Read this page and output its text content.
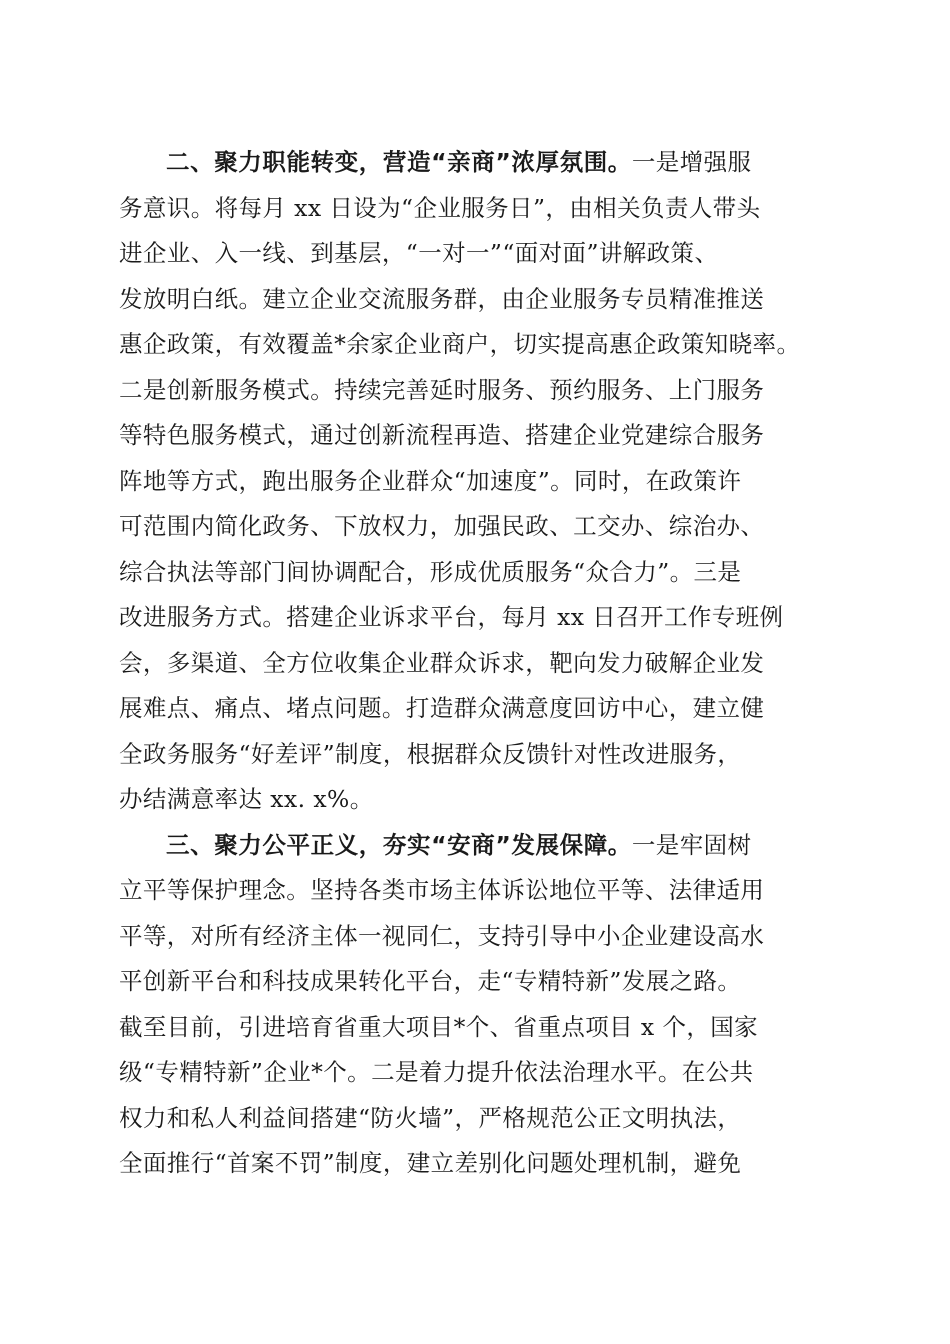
二、聚力职能转变，营造“亲商”浓厚氛围。一是增强服
务意识。将每月 xx 日设为“企业服务日”，由相关负责人带头
进企业、入一线、到基层，“一对一”“面对面”讲解政策、
发放明白纸。建立企业交流服务群，由企业服务专员精准推送
惠企政策，有效覆盖*余家企业商户，切实提高惠企政策知晓率。
二是创新服务模式。持续完善延时服务、预约服务、上门服务
等特色服务模式，通过创新流程再造、搭建企业党建综合服务
阵地等方式，跑出服务企业群众“加速度”。同时，在政策许
可范围内简化政务、下放权力，加强民政、工交办、综治办、
综合执法等部门间协调配合，形成优质服务“众合力”。三是
改进服务方式。搭建企业诉求平台，每月 xx 日召开工作专班例
会，多渠道、全方位收集企业群众诉求，靶向发力破解企业发
展难点、痛点、堵点问题。打造群众满意度回访中心，建立健
全政务服务“好差评”制度，根据群众反馈针对性改进服务，
办结满意率达 xx. x%。
三、聚力公平正义，夯实“安商”发展保障。一是牢固树
立平等保护理念。坚持各类市场主体诉讼地位平等、法律适用
平等，对所有经济主体一视同仁，支持引导中小企业建设高水
平创新平台和科技成果转化平台，走“专精特新”发展之路。
截至目前，引进培育省重大项目*个、省重点项目 x 个，国家
级“专精特新”企业*个。二是着力提升依法治理水平。在公共
权力和私人利益间搭建“防火墙”，严格规范公正文明执法，
全面推行“首案不罚”制度，建立差别化问题处理机制，避免
